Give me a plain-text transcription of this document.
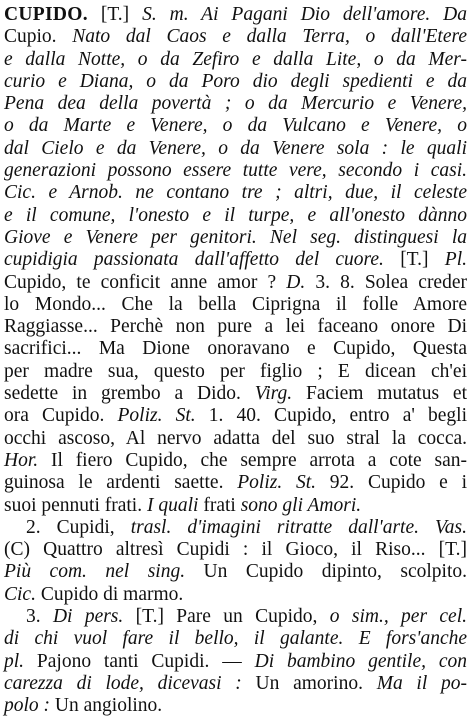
CUPIDO. [T.] S. m. Ai Pagani Dio dell'amore. Da
Cupio. Nato dal Caos e dalla Terra, o dall'Etere
e dalla Notte, o da Zefiro e dalla Lite, o da Mer-
curio e Diana, o da Poro dio degli spedienti e da
Pena dea della povertà ; o da Mercurio e Venere,
o da Marte e Venere, o da Vulcano e Venere, o
dal Cielo e da Venere, o da Venere sola : le quali
generazioni possono essere tutte vere, secondo i casi.
Cic. e Arnob. ne contano tre ; altri, due, il celeste
e il comune, l'onesto e il turpe, e all'onesto dànno
Giove e Venere per genitori. Nel seg. distinguesi la
cupidigia passionata dall'affetto del cuore. [T.] Pl.
Cupido, te conficit anne amor ? D. 3. 8. Solea creder
lo Mondo... Che la bella Ciprigna il folle Amore
Raggiasse... Perchè non pure a lei faceano onore Di
sacrifici... Ma Dione onoravano e Cupido, Questa
per madre sua, questo per figlio ; E dicean ch'ei
sedette in grembo a Dido. Virg. Faciem mutatus et
ora Cupido. Poliz. St. 1. 40. Cupido, entro a' begli
occhi ascoso, Al nervo adatta del suo stral la cocca.
Hor. Il fiero Cupido, che sempre arrota a cote san-
guinosa le ardenti saette. Poliz. St. 92. Cupido e i
suoi pennuti frati. I quali frati sono gli Amori.
2. Cupidi, trasl. d'imagini ritratte dall'arte. Vas.
(C) Quattro altresì Cupidi : il Gioco, il Riso... [T.]
Più com. nel sing. Un Cupido dipinto, scolpito.
Cic. Cupido di marmo.
3. Di pers. [T.] Pare un Cupido, o sim., per cel.
di chi vuol fare il bello, il galante. E fors'anche
pl. Pajono tanti Cupidi. — Di bambino gentile, con
carezza di lode, dicevasi : Un amorino. Ma il po-
polo : Un angiolino.
